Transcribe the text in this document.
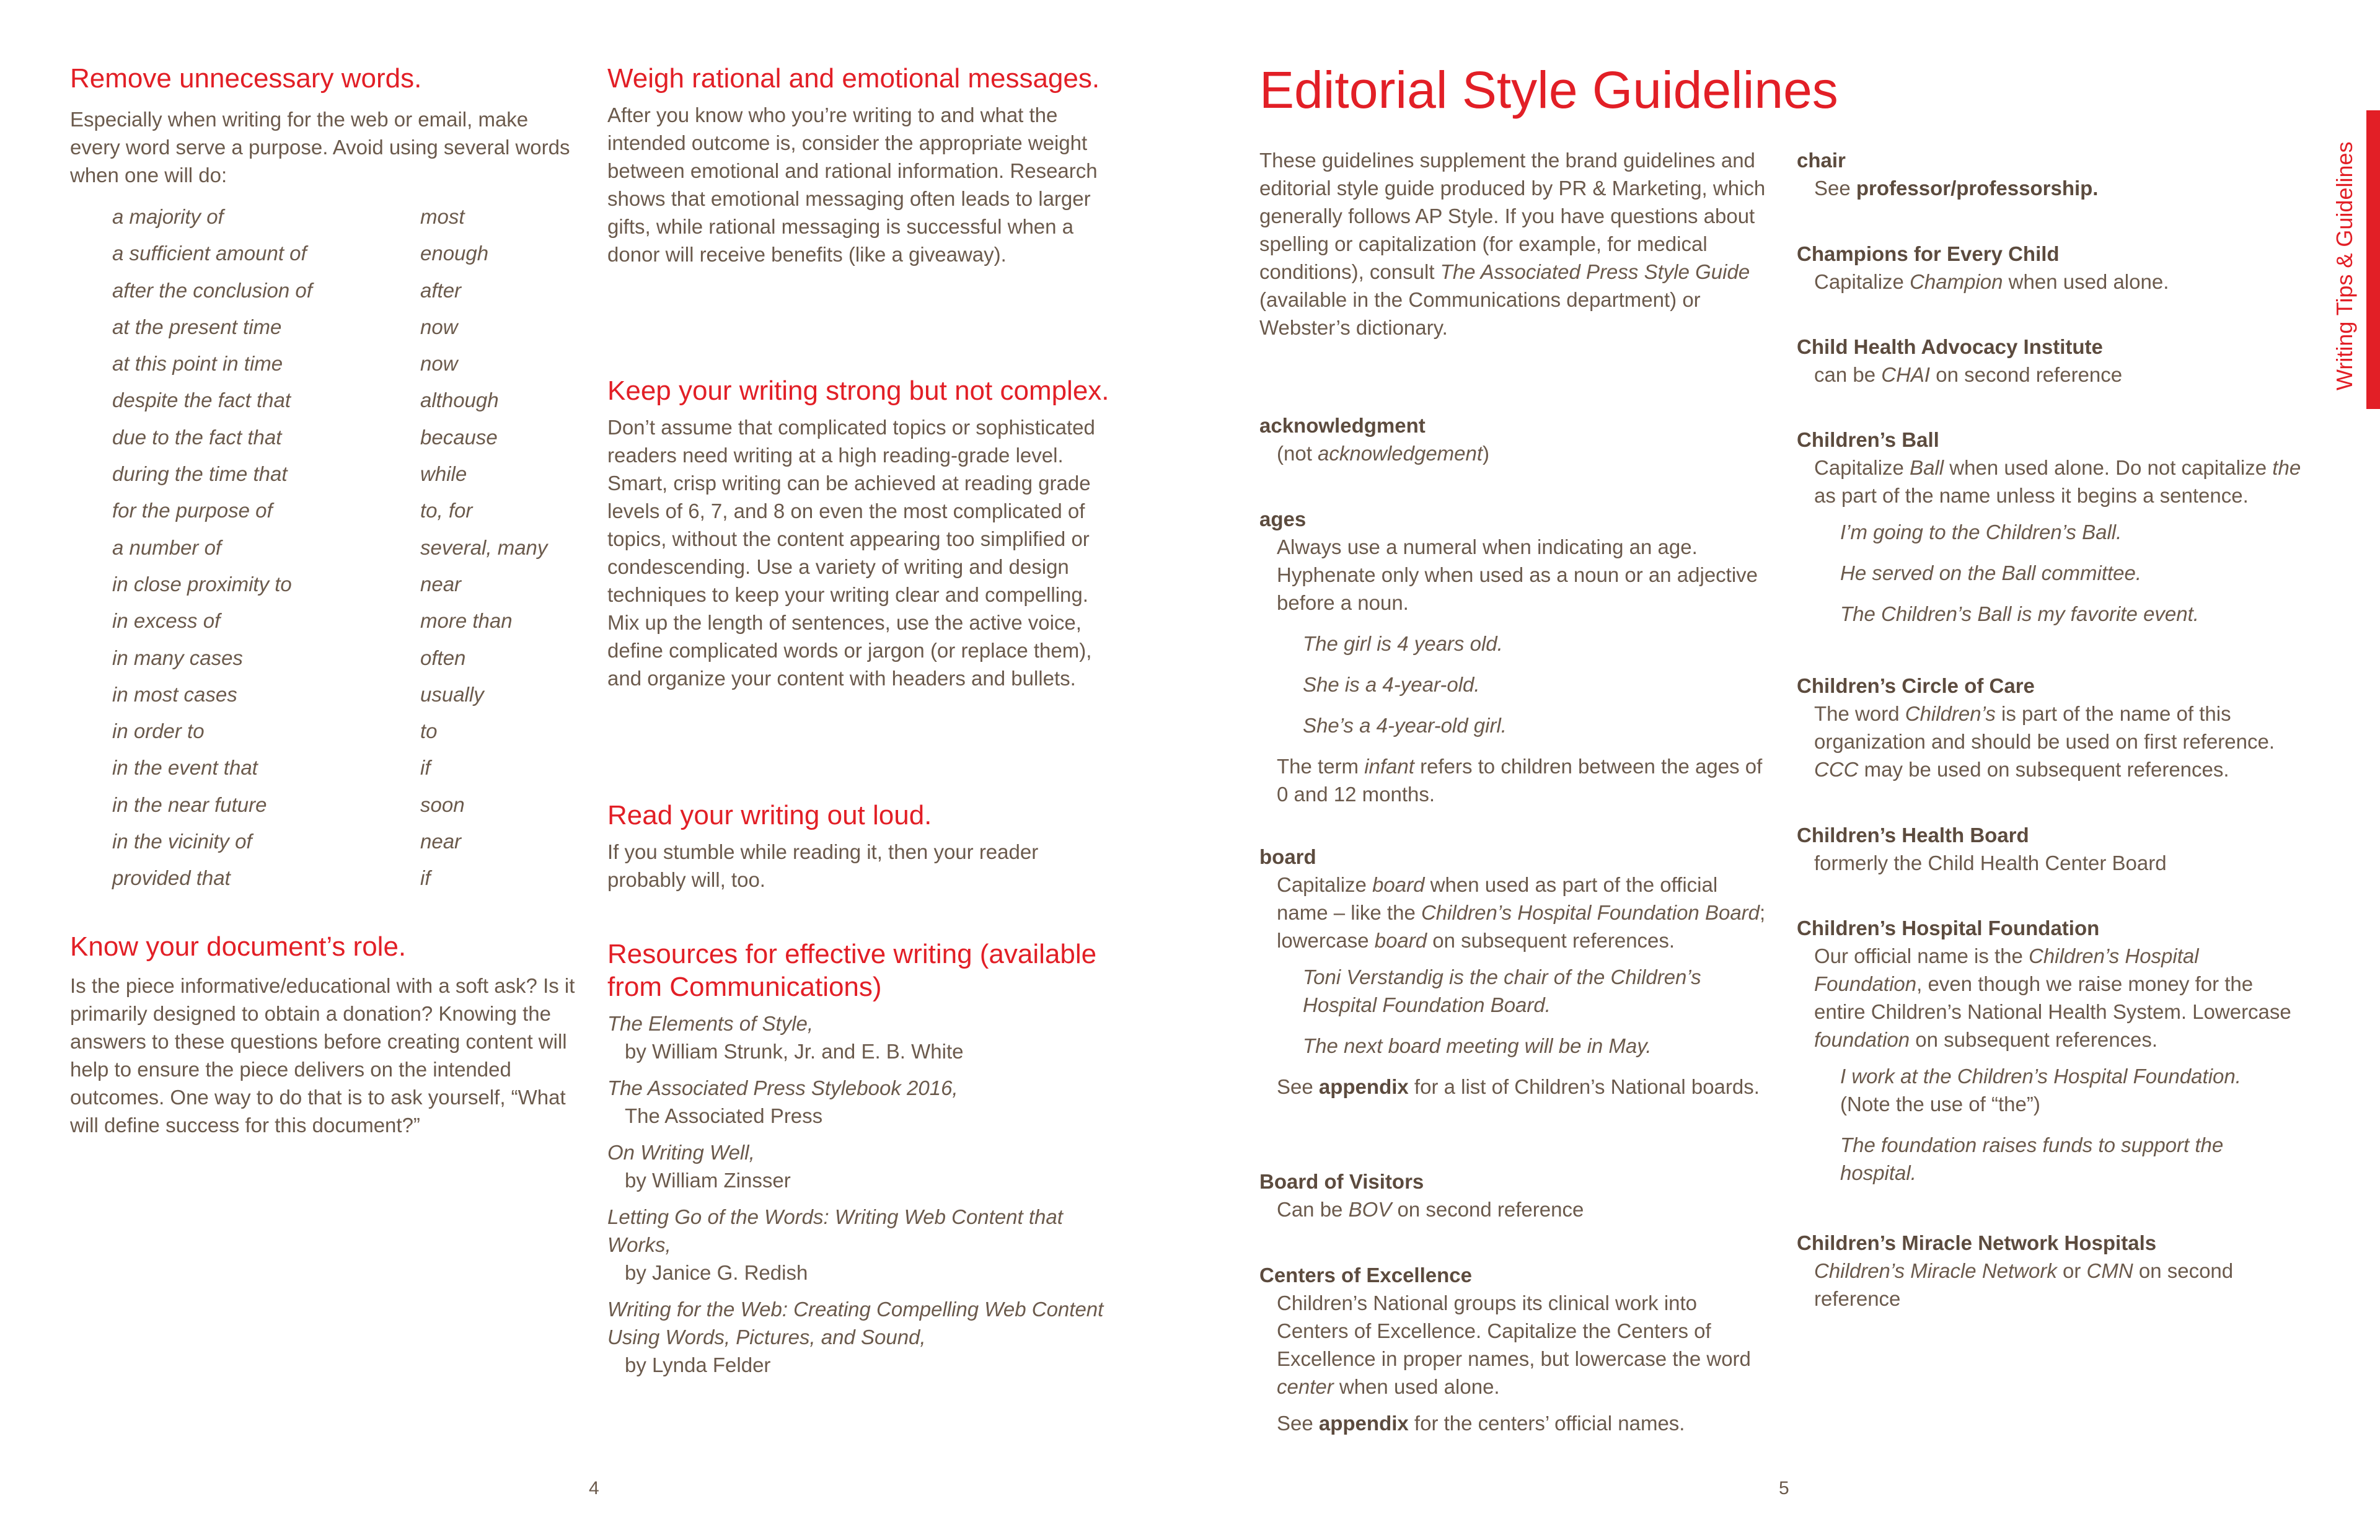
Remove unnecessary words.

Especially when writing for the web or email, make every word serve a purpose. Avoid using several words when one will do:

a majority of	most
a sufficient amount of	enough
after the conclusion of	after
at the present time	now
at this point in time	now
despite the fact that	although
due to the fact that	because
during the time that	while
for the purpose of	to, for
a number of	several, many
in close proximity to	near
in excess of	more than
in many cases	often
in most cases	usually
in order to	to
in the event that	if
in the near future	soon
in the vicinity of	near
provided that	if
Know your document’s role.

Is the piece informative/educational with a soft ask? Is it primarily designed to obtain a donation? Knowing the answers to these questions before creating content will help to ensure the piece delivers on the intended outcomes. One way to do that is to ask yourself, “What will define success for this document?”

Weigh rational and emotional messages.

After you know who you’re writing to and what the intended outcome is, consider the appropriate weight between emotional and rational information. Research shows that emotional messaging often leads to larger gifts, while rational messaging is successful when a donor will receive benefits (like a giveaway).

Keep your writing strong but not complex.

Don’t assume that complicated topics or sophisticated readers need writing at a high reading-grade level. Smart, crisp writing can be achieved at reading grade levels of 6, 7, and 8 on even the most complicated of topics, without the content appearing too simplified or condescending. Use a variety of writing and design techniques to keep your writing clear and compelling. Mix up the length of sentences, use the active voice, define complicated words or jargon (or replace them), and organize your content with headers and bullets.

Read your writing out loud.

If you stumble while reading it, then your reader probably will, too.

Resources for effective writing (available from Communications)
The Elements of Style,
by William Strunk, Jr. and E. B. White
The Associated Press Stylebook 2016,
The Associated Press
On Writing Well,
by William Zinsser
Letting Go of the Words: Writing Web Content that Works,
by Janice G. Redish
Writing for the Web: Creating Compelling Web Content Using Words, Pictures, and Sound,
by Lynda Felder
4
Editorial Style Guidelines

These guidelines supplement the brand guidelines and editorial style guide produced by PR & Marketing, which generally follows AP Style. If you have questions about spelling or capitalization (for example, for medical conditions), consult The Associated Press Style Guide (available in the Communications department) or Webster’s dictionary.

acknowledgment

(not acknowledgement)

ages

Always use a numeral when indicating an age. Hyphenate only when used as a noun or an adjective before a noun.

The girl is 4 years old.

She is a 4-year-old.

She’s a 4-year-old girl.

The term infant refers to children between the ages of 0 and 12 months.

board

Capitalize board when used as part of the official name – like the Children’s Hospital Foundation Board; lowercase board on subsequent references.

Toni Verstandig is the chair of the Children’s Hospital Foundation Board.

The next board meeting will be in May.

See appendix for a list of Children’s National boards.

Board of Visitors

Can be BOV on second reference

Centers of Excellence

Children’s National groups its clinical work into Centers of Excellence. Capitalize the Centers of Excellence in proper names, but lowercase the word center when used alone.

See appendix for the centers’ official names.

chair

See professor/professorship.

Champions for Every Child

Capitalize Champion when used alone.

Child Health Advocacy Institute

can be CHAI on second reference

Children’s Ball

Capitalize Ball when used alone. Do not capitalize the as part of the name unless it begins a sentence.

I’m going to the Children’s Ball.

He served on the Ball committee.

The Children’s Ball is my favorite event.

Children’s Circle of Care

The word Children’s is part of the name of this organization and should be used on first reference. CCC may be used on subsequent references.

Children’s Health Board

formerly the Child Health Center Board

Children’s Hospital Foundation

Our official name is the Children’s Hospital Foundation, even though we raise money for the entire Children’s National Health System. Lowercase foundation on subsequent references.

I work at the Children’s Hospital Foundation.

(Note the use of “the”)

The foundation raises funds to support the hospital.

Children’s Miracle Network Hospitals

Children’s Miracle Network or CMN on second reference

5
Writing Tips & Guidelines
